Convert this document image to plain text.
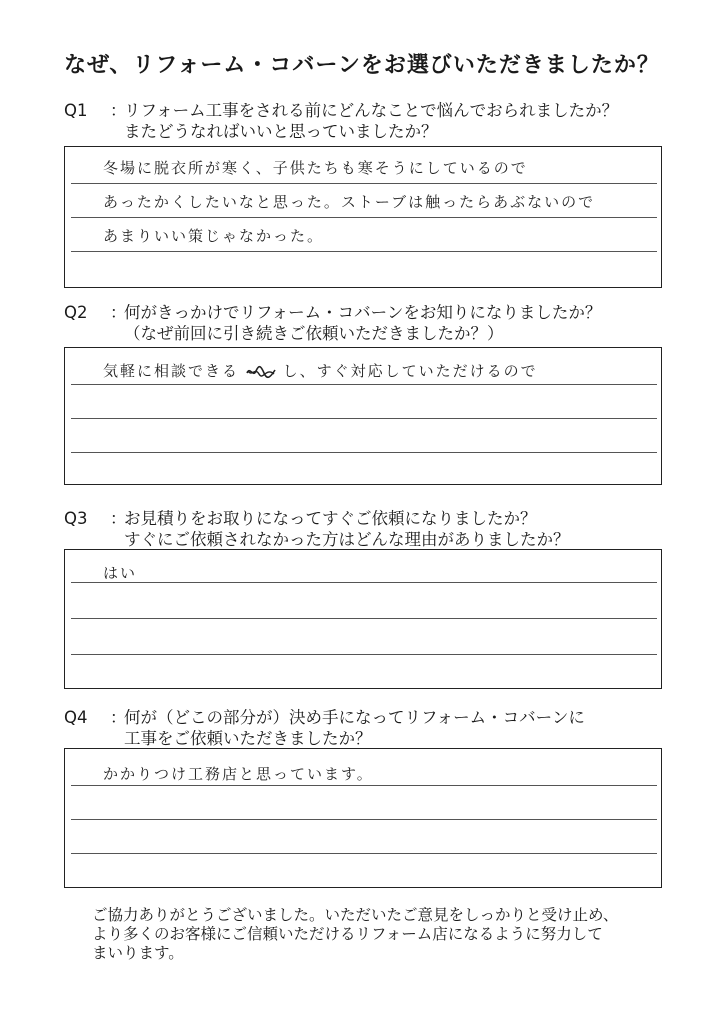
なぜ、リフォーム・コバーンをお選びいただきましたか？
Q1 ：リフォーム工事をされる前にどんなことで悩んでおられましたか？
またどうなればいいと思っていましたか？
冬場に脱衣所が寒く、子供たちも寒そうにしているので
あったかくしたいなと思った。ストーブは触ったらあぶないので
あまりいい策じゃなかった。
Q2 ：何がきっかけでリフォーム・コバーンをお知りになりましたか？
（なぜ前回に引き続きご依頼いただきましたか？）
気軽に相談できる	し、すぐ対応していただけるので
Q3 ：お見積りをお取りになってすぐご依頼になりましたか？
すぐにご依頼されなかった方はどんな理由がありましたか？
はい
Q4 ：何が（どこの部分が）決め手になってリフォーム・コバーンに
工事をご依頼いただきましたか？
かかりつけ工務店と思っています。
ご協力ありがとうございました。いただいたご意見をしっかりと受け止め、
より多くのお客様にご信頼いただけるリフォーム店になるように努力して
まいります。
